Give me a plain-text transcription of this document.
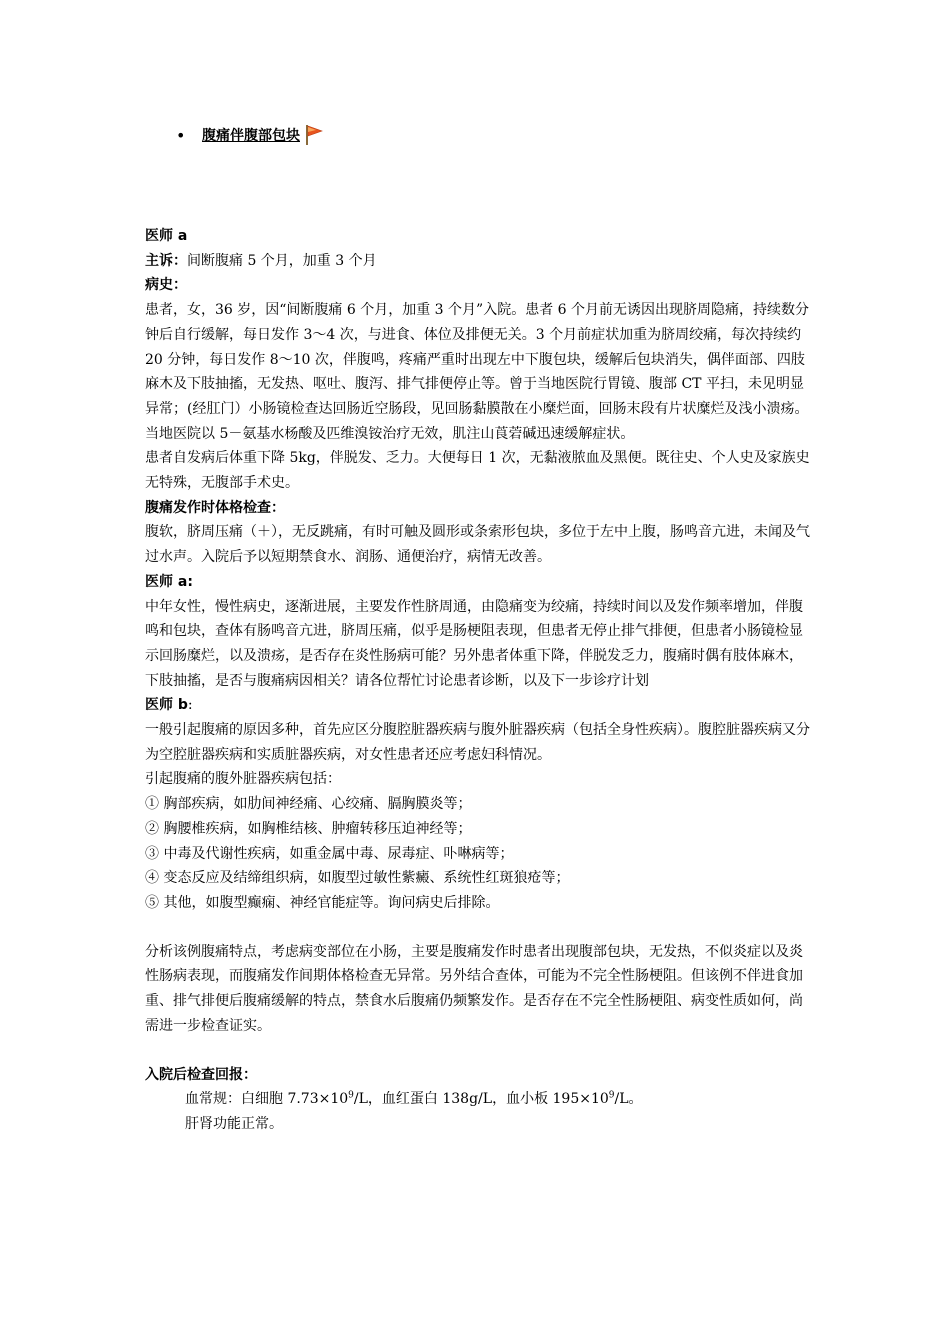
•	腹痛伴腹部包块

医师 a

主诉：间断腹痛 5 个月，加重 3 个月

病史：

患者，女，36 岁，因“间断腹痛 6 个月，加重 3 个月”入院。患者 6 个月前无诱因出现脐周隐痛，持续数分钟后自行缓解，每日发作 3～4 次，与进食、体位及排便无关。3 个月前症状加重为脐周绞痛，每次持续约 20 分钟，每日发作 8～10 次，伴腹鸣，疼痛严重时出现左中下腹包块，缓解后包块消失，偶伴面部、四肢麻木及下肢抽搐，无发热、呕吐、腹泻、排气排便停止等。曾于当地医院行胃镜、腹部 CT 平扫，未见明显异常；(经肛门）小肠镜检查达回肠近空肠段，见回肠黏膜散在小糜烂面，回肠末段有片状糜烂及浅小溃疡。当地医院以 5－氨基水杨酸及匹维溴铵治疗无效，肌注山莨菪碱迅速缓解症状。

患者自发病后体重下降 5kg，伴脱发、乏力。大便每日 1 次，无黏液脓血及黑便。既往史、个人史及家族史无特殊，无腹部手术史。

腹痛发作时体格检查：

腹软，脐周压痛（＋），无反跳痛，有时可触及圆形或条索形包块，多位于左中上腹，肠鸣音亢进，未闻及气过水声。入院后予以短期禁食水、润肠、通便治疗，病情无改善。

医师 a:

中年女性，慢性病史，逐渐进展，主要发作性脐周通，由隐痛变为绞痛，持续时间以及发作频率增加，伴腹鸣和包块，查体有肠鸣音亢进，脐周压痛，似乎是肠梗阻表现，但患者无停止排气排便，但患者小肠镜检显示回肠糜烂，以及溃疡，是否存在炎性肠病可能？另外患者体重下降，伴脱发乏力，腹痛时偶有肢体麻木，下肢抽搐，是否与腹痛病因相关？请各位帮忙讨论患者诊断，以及下一步诊疗计划

医师 b:

一般引起腹痛的原因多种，首先应区分腹腔脏器疾病与腹外脏器疾病（包括全身性疾病）。腹腔脏器疾病又分为空腔脏器疾病和实质脏器疾病，对女性患者还应考虑妇科情况。

引起腹痛的腹外脏器疾病包括：

① 胸部疾病，如肋间神经痛、心绞痛、膈胸膜炎等；

② 胸腰椎疾病，如胸椎结核、肿瘤转移压迫神经等；

③ 中毒及代谢性疾病，如重金属中毒、尿毒症、卟啉病等；

④ 变态反应及结缔组织病，如腹型过敏性紫癜、系统性红斑狼疮等；

⑤ 其他，如腹型癫痫、神经官能症等。询问病史后排除。

分析该例腹痛特点，考虑病变部位在小肠，主要是腹痛发作时患者出现腹部包块，无发热，不似炎症以及炎性肠病表现，而腹痛发作间期体格检查无异常。另外结合查体，可能为不完全性肠梗阻。但该例不伴进食加重、排气排便后腹痛缓解的特点，禁食水后腹痛仍频繁发作。是否存在不完全性肠梗阻、病变性质如何，尚需进一步检查证实。

入院后检查回报：

血常规：白细胞 $7.73\times 10^9/L$，血红蛋白 138g/L，血小板 $195\times 10^9/L$。

肝肾功能正常。
